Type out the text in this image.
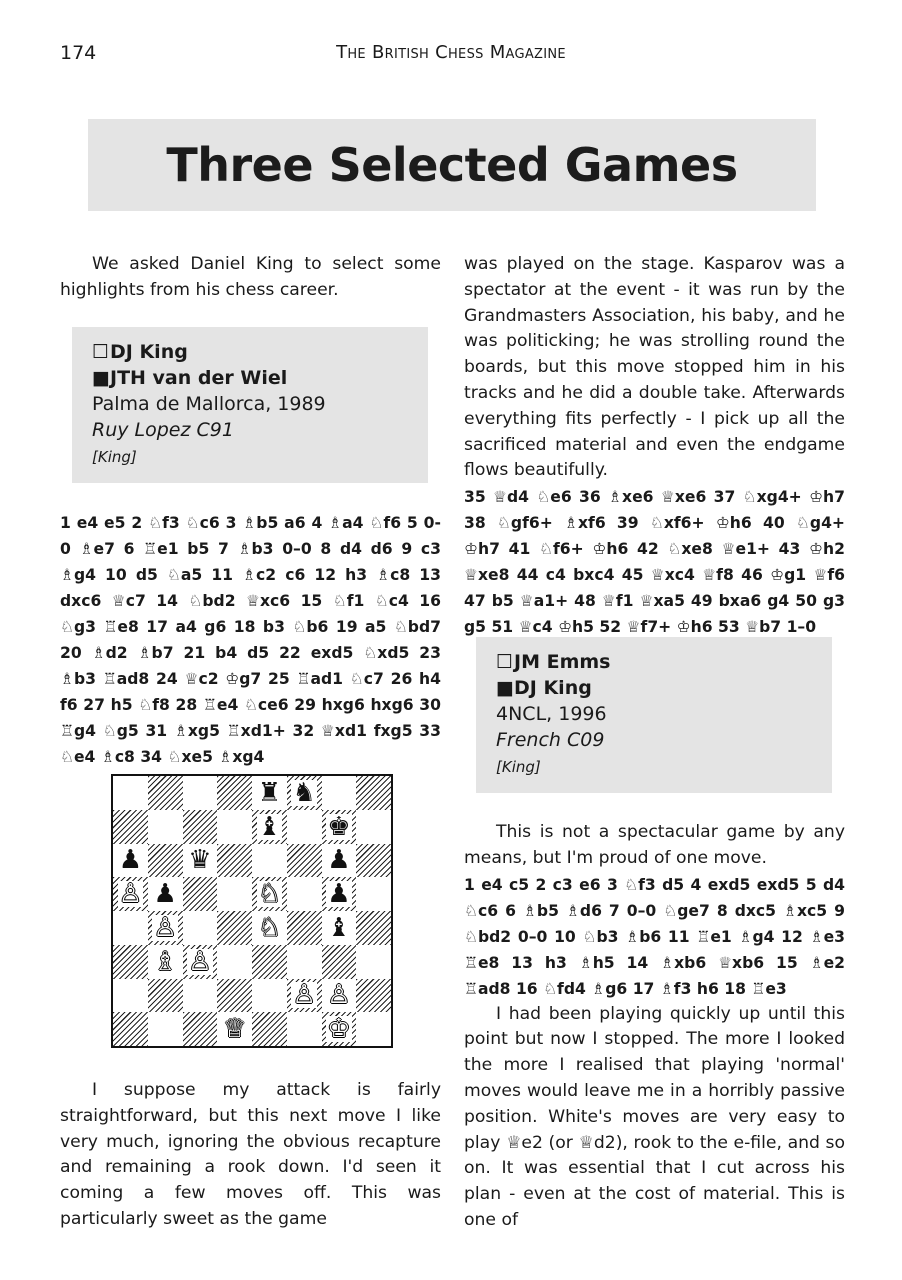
174	The British Chess Magazine
Three Selected Games

We asked Daniel King to select some highlights from his chess career.

☐DJ King
■JTH van der Wiel
Palma de Mallorca, 1989
Ruy Lopez C91
[King]

1 e4 e5 2 ♘f3 ♘c6 3 ♗b5 a6 4 ♗a4 ♘f6 5 0-0 ♗e7 6 ♖e1 b5 7 ♗b3 0–0 8 d4 d6 9 c3 ♗g4 10 d5 ♘a5 11 ♗c2 c6 12 h3 ♗c8 13 dxc6 ♕c7 14 ♘bd2 ♕xc6 15 ♘f1 ♘c4 16 ♘g3 ♖e8 17 a4 g6 18 b3 ♘b6 19 a5 ♘bd7 20 ♗d2 ♗b7 21 b4 d5 22 exd5 ♘xd5 23 ♗b3 ♖ad8 24 ♕c2 ♔g7 25 ♖ad1 ♘c7 26 h4 f6 27 h5 ♘f8 28 ♖e4 ♘ce6 29 hxg6 hxg6 30 ♖g4 ♘g5 31 ♗xg5 ♖xd1+ 32 ♕xd1 fxg5 33 ♘e4 ♗c8 34 ♘xe5 ♗xg4

♜ ♞
♝ ♚
♟ ♛	♟
♙ ♟	♘ ♟
♙	♘ ♝
♗ ♙
♙ ♙
♕	♔

I suppose my attack is fairly straightforward, but this next move I like very much, ignoring the obvious recapture and remaining a rook down. I'd seen it coming a few moves off. This was particularly sweet as the game

was played on the stage. Kasparov was a spectator at the event - it was run by the Grandmasters Association, his baby, and he was politicking; he was strolling round the boards, but this move stopped him in his tracks and he did a double take. Afterwards everything fits perfectly - I pick up all the sacrificed material and even the endgame flows beautifully.

35 ♕d4 ♘e6 36 ♗xe6 ♕xe6 37 ♘xg4+ ♔h7 38 ♘gf6+ ♗xf6 39 ♘xf6+ ♔h6 40 ♘g4+ ♔h7 41 ♘f6+ ♔h6 42 ♘xe8 ♕e1+ 43 ♔h2 ♕xe8 44 c4 bxc4 45 ♕xc4 ♕f8 46 ♔g1 ♕f6 47 b5 ♕a1+ 48 ♕f1 ♕xa5 49 bxa6 g4 50 g3 g5 51 ♕c4 ♔h5 52 ♕f7+ ♔h6 53 ♕b7 1–0

☐JM Emms
■DJ King
4NCL, 1996
French C09
[King]

This is not a spectacular game by any means, but I'm proud of one move.

1 e4 c5 2 c3 e6 3 ♘f3 d5 4 exd5 exd5 5 d4 ♘c6 6 ♗b5 ♗d6 7 0–0 ♘ge7 8 dxc5 ♗xc5 9 ♘bd2 0–0 10 ♘b3 ♗b6 11 ♖e1 ♗g4 12 ♗e3 ♖e8 13 h3 ♗h5 14 ♗xb6 ♕xb6 15 ♗e2 ♖ad8 16 ♘fd4 ♗g6 17 ♗f3 h6 18 ♖e3

I had been playing quickly up until this point but now I stopped. The more I looked the more I realised that playing 'normal' moves would leave me in a horribly passive position. White's moves are very easy to play ♕e2 (or ♕d2), rook to the e-file, and so on. It was essential that I cut across his plan - even at the cost of material. This is one of
